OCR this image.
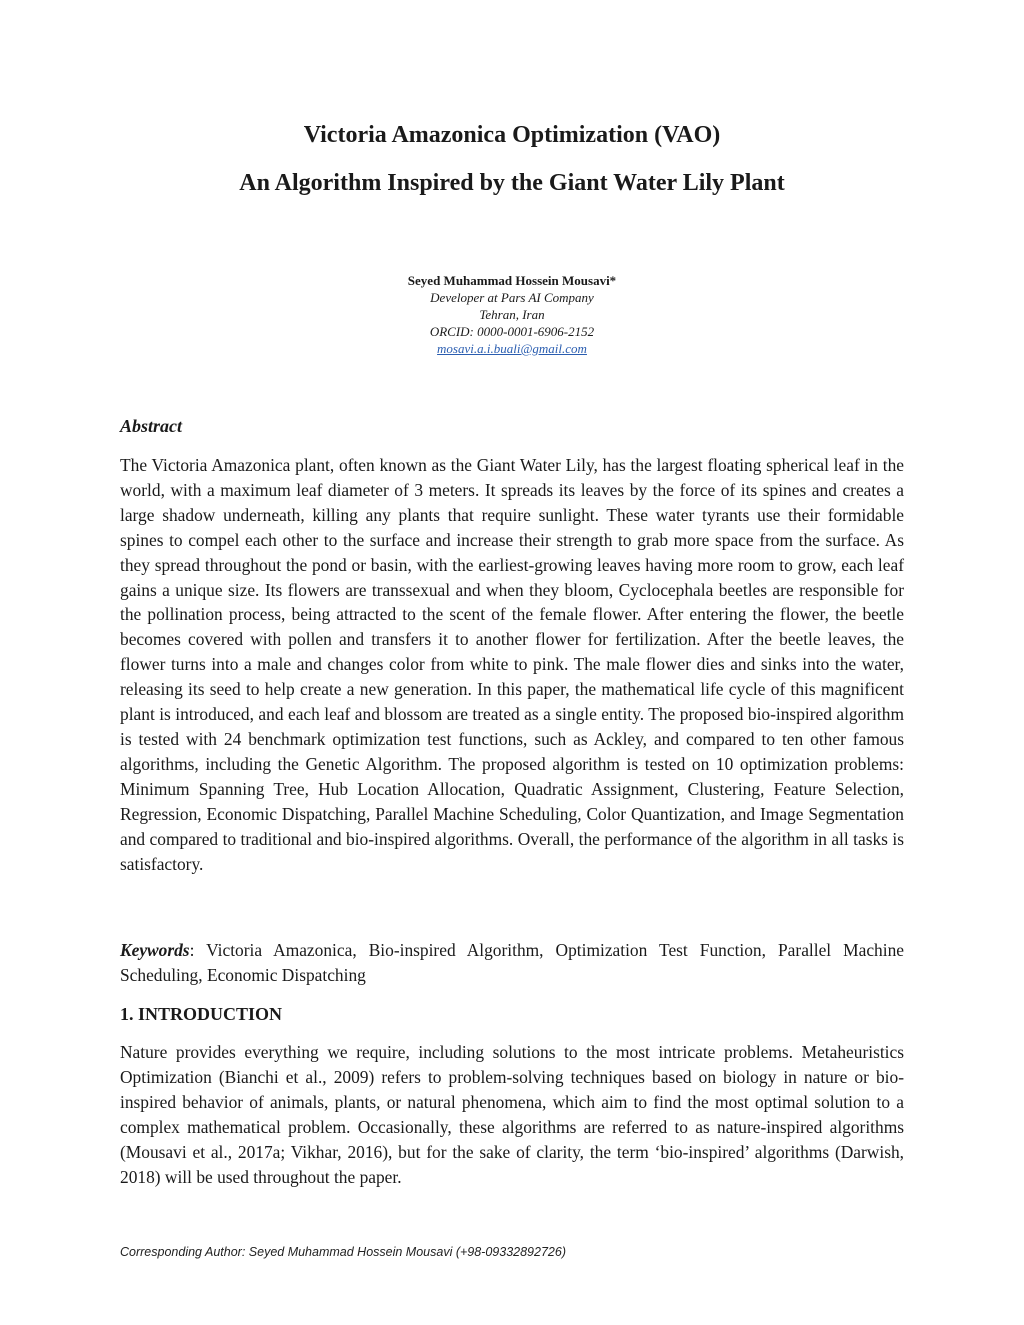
Victoria Amazonica Optimization (VAO)
An Algorithm Inspired by the Giant Water Lily Plant
Seyed Muhammad Hossein Mousavi*
Developer at Pars AI Company
Tehran, Iran
ORCID: 0000-0001-6906-2152
mosavi.a.i.buali@gmail.com
Abstract

The Victoria Amazonica plant, often known as the Giant Water Lily, has the largest floating spherical leaf in the world, with a maximum leaf diameter of 3 meters. It spreads its leaves by the force of its spines and creates a large shadow underneath, killing any plants that require sunlight. These water tyrants use their formidable spines to compel each other to the surface and increase their strength to grab more space from the surface. As they spread throughout the pond or basin, with the earliest-growing leaves having more room to grow, each leaf gains a unique size. Its flowers are transsexual and when they bloom, Cyclocephala beetles are responsible for the pollination process, being attracted to the scent of the female flower. After entering the flower, the beetle becomes covered with pollen and transfers it to another flower for fertilization. After the beetle leaves, the flower turns into a male and changes color from white to pink. The male flower dies and sinks into the water, releasing its seed to help create a new generation. In this paper, the mathematical life cycle of this magnificent plant is introduced, and each leaf and blossom are treated as a single entity. The proposed bio-inspired algorithm is tested with 24 benchmark optimization test functions, such as Ackley, and compared to ten other famous algorithms, including the Genetic Algorithm. The proposed algorithm is tested on 10 optimization problems: Minimum Spanning Tree, Hub Location Allocation, Quadratic Assignment, Clustering, Feature Selection, Regression, Economic Dispatching, Parallel Machine Scheduling, Color Quantization, and Image Segmentation and compared to traditional and bio-inspired algorithms. Overall, the performance of the algorithm in all tasks is satisfactory.

Keywords: Victoria Amazonica, Bio-inspired Algorithm, Optimization Test Function, Parallel Machine Scheduling, Economic Dispatching

1. INTRODUCTION

Nature provides everything we require, including solutions to the most intricate problems. Metaheuristics Optimization (Bianchi et al., 2009) refers to problem-solving techniques based on biology in nature or bio-inspired behavior of animals, plants, or natural phenomena, which aim to find the most optimal solution to a complex mathematical problem. Occasionally, these algorithms are referred to as nature-inspired algorithms (Mousavi et al., 2017a; Vikhar, 2016), but for the sake of clarity, the term ‘bio-inspired’ algorithms (Darwish, 2018) will be used throughout the paper.

Corresponding Author: Seyed Muhammad Hossein Mousavi (+98-09332892726)
